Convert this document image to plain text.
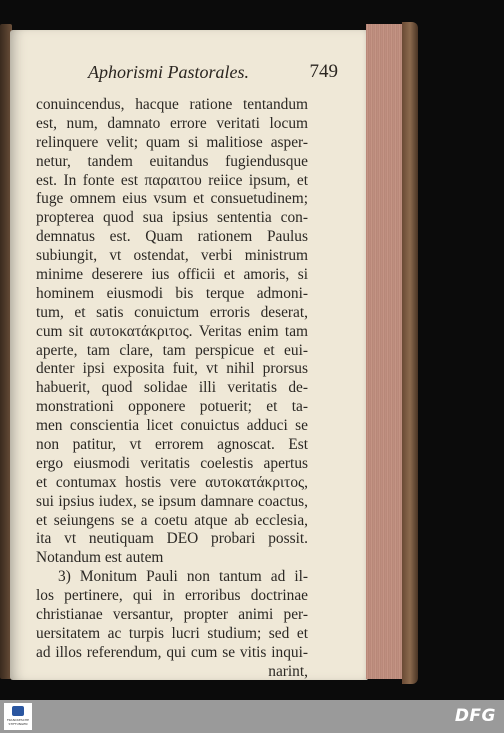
Aphorismi Pastorales.	749
conuincendus, hacque ratione tentandum
est, num, damnato errore veritati locum
relinquere velit; quam si malitiose asper-
netur, tandem euitandus fugiendusque
est. In fonte est παραιτου reiice ipsum, et
fuge omnem eius vsum et consuetudinem;
propterea quod sua ipsius sententia con-
demnatus est. Quam rationem Paulus
subiungit, vt ostendat, verbi ministrum
minime deserere ius officii et amoris, si
hominem eiusmodi bis terque admoni-
tum, et satis conuictum erroris deserat,
cum sit αυτοκατάκριτος. Veritas enim tam
aperte, tam clare, tam perspicue et eui-
denter ipsi exposita fuit, vt nihil prorsus
habuerit, quod solidae illi veritatis de-
monstrationi opponere potuerit; et ta-
men conscientia licet conuictus adduci se
non patitur, vt errorem agnoscat. Est
ergo eiusmodi veritatis coelestis apertus
et contumax hostis vere αυτοκατάκριτος,
sui ipsius iudex, se ipsum damnare coactus,
et seiungens se a coetu atque ab ecclesia,
ita vt neutiquam DEO probari possit.
Notandum est autem
3) Monitum Pauli non tantum ad il-
los pertinere, qui in erroribus doctrinae
christianae versantur, propter animi per-
uersitatem ac turpis lucri studium; sed et
ad illos referendum, qui cum se vitis inqui-
narint,
FRANCKESCHE STIFTUNGEN	DFG
